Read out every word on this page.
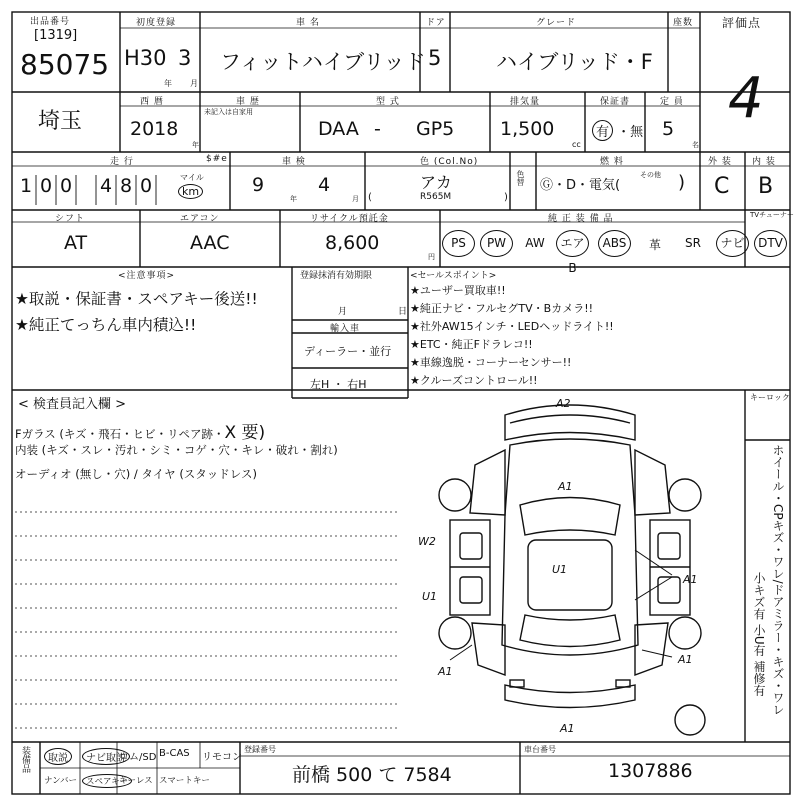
出品番号
[1319]
85075
初度登録
H30 3
年 月
車 名
フィットハイブリッド
ドア
5
グレード
ハイブリッド・F
座数 評価点
4
埼玉
西 暦
2018
年
車 歴
未記入は自家用
型 式
DAA - GP5
排気量
1,500
cc
保証書
有 ・無
定 員
5
名
走 行
1 0 0 4 8 0	マイル
km
$#e	車 検
9
年
4
月
色 (Col.No)
アカ
R565M
(	)
色替
燃 料
Ⓖ・D・電気(
その他 )
外 装
C
内 装
B
シフト
AT
エアコン
AAC
リサイクル預託金
8,600
円
純 正 装 備 品	TVチューナー
PS	PW	AW	エアB
ABS	革	SR	ナビ	DTV
<注意事項>
★取説・保証書・スペアキー後送!!
★純正てっちん車内積込!!
登録抹消有効期限
月	日
輸入車
ディーラー・並行
左H ・ 右H
<セールスポイント>
★ユーザー買取車!!
★純正ナビ・フルセグTV・Bカメラ!!
★社外AW15インチ・LEDヘッドライト!!
★ETC・純正Fドラレコ!!
★車線逸脱・コーナーセンサー!!
★クルーズコントロール!!
< 検査員記入欄 >
Fガラス (キズ・飛石・ヒビ・リペア跡・X 要)
内装 (キズ・スレ・汚れ・シミ・コゲ・穴・キレ・破れ・割れ)
オーディオ (無し・穴) / タイヤ (スタッドレス)
キーロック
ホイール・CPキズ・ワレ/ドアミラー・キズ・ワレ
小キズ有 小U有 補修有
A2
A1
W2
U1
U1
A1
A1
A1
A1
装備品	取説	ナビ取説
ロム/SD B-CAS リモコン
ナンバー	スペアキー
キーレス スマートキー
登録番号
前橋 500 て 7584
車台番号
1307886
